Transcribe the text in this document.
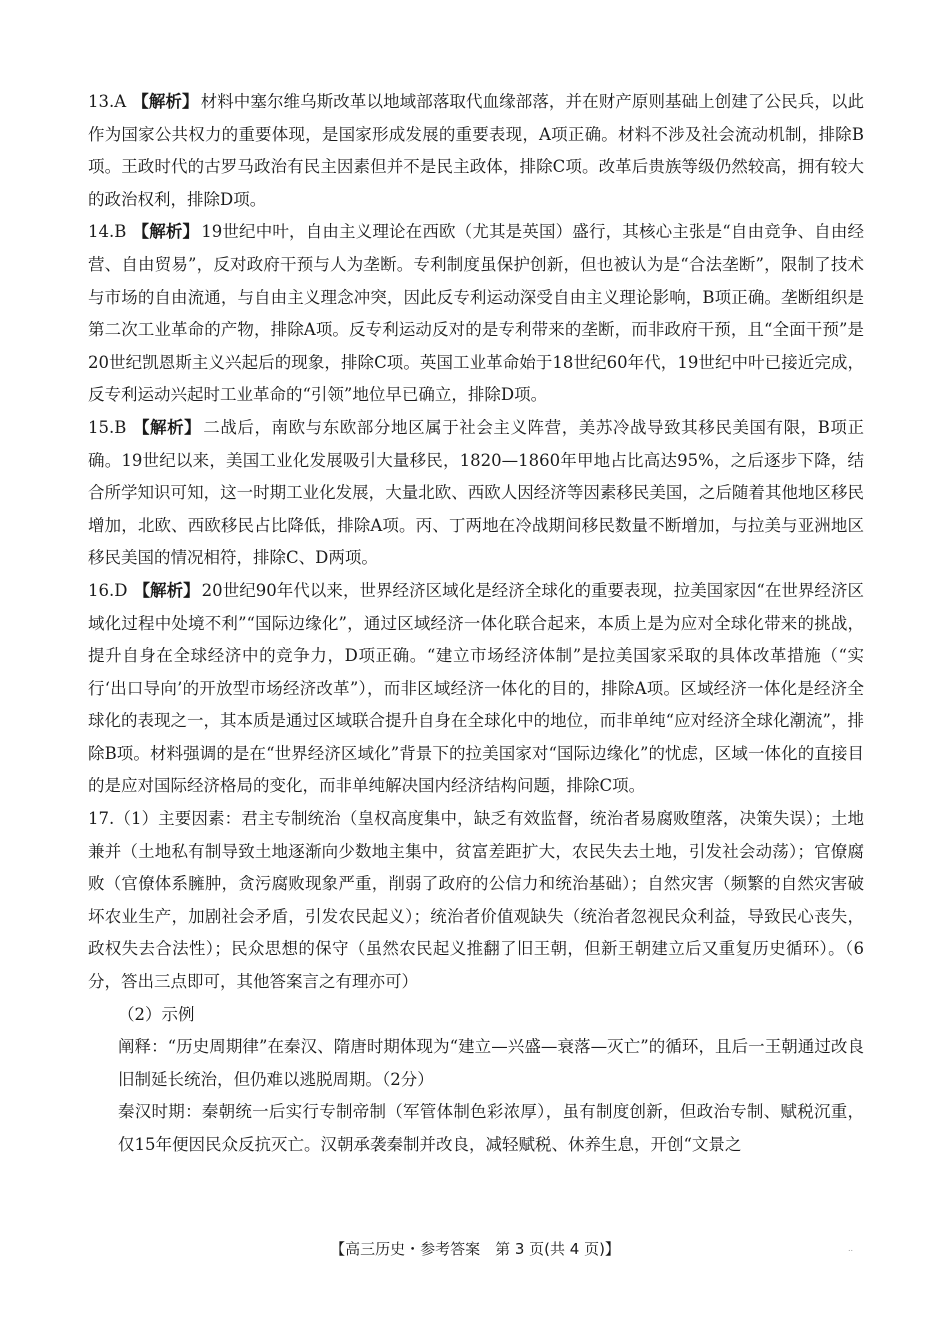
13.A 【解析】 材料中塞尔维乌斯改革以地域部落取代血缘部落，并在财产原则基础上创建了公民兵，以此作为国家公共权力的重要体现，是国家形成发展的重要表现，A项正确。材料不涉及社会流动机制，排除B项。王政时代的古罗马政治有民主因素但并不是民主政体，排除C项。改革后贵族等级仍然较高，拥有较大的政治权利，排除D项。

14.B 【解析】 19世纪中叶，自由主义理论在西欧（尤其是英国）盛行，其核心主张是“自由竞争、自由经营、自由贸易”，反对政府干预与人为垄断。专利制度虽保护创新，但也被认为是“合法垄断”，限制了技术与市场的自由流通，与自由主义理念冲突，因此反专利运动深受自由主义理论影响，B项正确。垄断组织是第二次工业革命的产物，排除A项。反专利运动反对的是专利带来的垄断，而非政府干预，且“全面干预”是20世纪凯恩斯主义兴起后的现象，排除C项。英国工业革命始于18世纪60年代，19世纪中叶已接近完成，反专利运动兴起时工业革命的“引领”地位早已确立，排除D项。

15.B 【解析】 二战后，南欧与东欧部分地区属于社会主义阵营，美苏冷战导致其移民美国有限，B项正确。19世纪以来，美国工业化发展吸引大量移民，1820—1860年甲地占比高达95%，之后逐步下降，结合所学知识可知，这一时期工业化发展，大量北欧、西欧人因经济等因素移民美国，之后随着其他地区移民增加，北欧、西欧移民占比降低，排除A项。丙、丁两地在冷战期间移民数量不断增加，与拉美与亚洲地区移民美国的情况相符，排除C、D两项。

16.D 【解析】 20世纪90年代以来，世界经济区域化是经济全球化的重要表现，拉美国家因“在世界经济区域化过程中处境不利”“国际边缘化”，通过区域经济一体化联合起来，本质上是为应对全球化带来的挑战，提升自身在全球经济中的竞争力，D项正确。“建立市场经济体制”是拉美国家采取的具体改革措施（“实行‘出口导向’的开放型市场经济改革”），而非区域经济一体化的目的，排除A项。区域经济一体化是经济全球化的表现之一，其本质是通过区域联合提升自身在全球化中的地位，而非单纯“应对经济全球化潮流”，排除B项。材料强调的是在“世界经济区域化”背景下的拉美国家对“国际边缘化”的忧虑，区域一体化的直接目的是应对国际经济格局的变化，而非单纯解决国内经济结构问题，排除C项。

17.（1）主要因素：君主专制统治（皇权高度集中，缺乏有效监督，统治者易腐败堕落，决策失误）；土地兼并（土地私有制导致土地逐渐向少数地主集中，贫富差距扩大，农民失去土地，引发社会动荡）；官僚腐败（官僚体系臃肿，贪污腐败现象严重，削弱了政府的公信力和统治基础）；自然灾害（频繁的自然灾害破坏农业生产，加剧社会矛盾，引发农民起义）；统治者价值观缺失（统治者忽视民众利益，导致民心丧失，政权失去合法性）；民众思想的保守（虽然农民起义推翻了旧王朝，但新王朝建立后又重复历史循环）。（6分，答出三点即可，其他答案言之有理亦可）

（2）示例

阐释：“历史周期律”在秦汉、隋唐时期体现为“建立—兴盛—衰落—灭亡”的循环，且后一王朝通过改良旧制延长统治，但仍难以逃脱周期。（2分）

秦汉时期：秦朝统一后实行专制帝制（军管体制色彩浓厚），虽有制度创新，但政治专制、赋税沉重，仅15年便因民众反抗灭亡。汉朝承袭秦制并改良，减轻赋税、休养生息，开创“文景之

【高三历史・参考答案　第 3 页(共 4 页)】	..
